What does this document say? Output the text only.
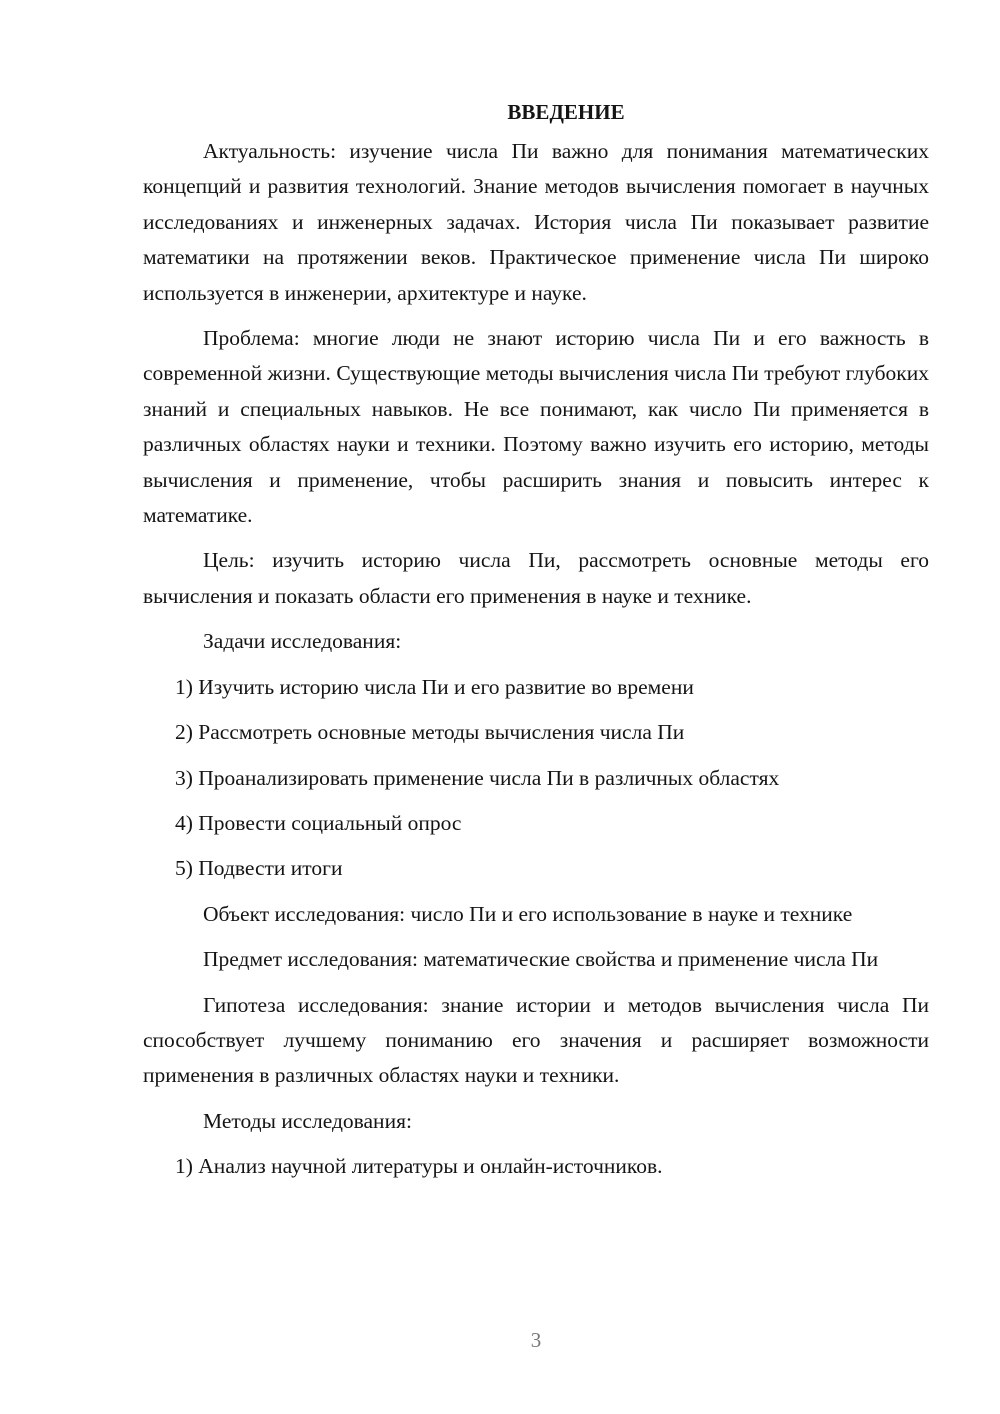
ВВЕДЕНИЕ

Актуальность: изучение числа Пи важно для понимания математических концепций и развития технологий. Знание методов вычисления помогает в научных исследованиях и инженерных задачах. История числа Пи показывает развитие математики на протяжении веков. Практическое применение числа Пи широко используется в инженерии, архитектуре и науке.

Проблема: многие люди не знают историю числа Пи и его важность в современной жизни. Существующие методы вычисления числа Пи требуют глубоких знаний и специальных навыков. Не все понимают, как число Пи применяется в различных областях науки и техники. Поэтому важно изучить его историю, методы вычисления и применение, чтобы расширить знания и повысить интерес к математике.

Цель: изучить историю числа Пи, рассмотреть основные методы его вычисления и показать области его применения в науке и технике.

Задачи исследования:

1) Изучить историю числа Пи и его развитие во времени

2) Рассмотреть основные методы вычисления числа Пи

3) Проанализировать применение числа Пи в различных областях

4) Провести социальный опрос

5) Подвести итоги

Объект исследования: число Пи и его использование в науке и технике

Предмет исследования: математические свойства и применение числа Пи

Гипотеза исследования: знание истории и методов вычисления числа Пи способствует лучшему пониманию его значения и расширяет возможности применения в различных областях науки и техники.

Методы исследования:

1) Анализ научной литературы и онлайн-источников.

3
